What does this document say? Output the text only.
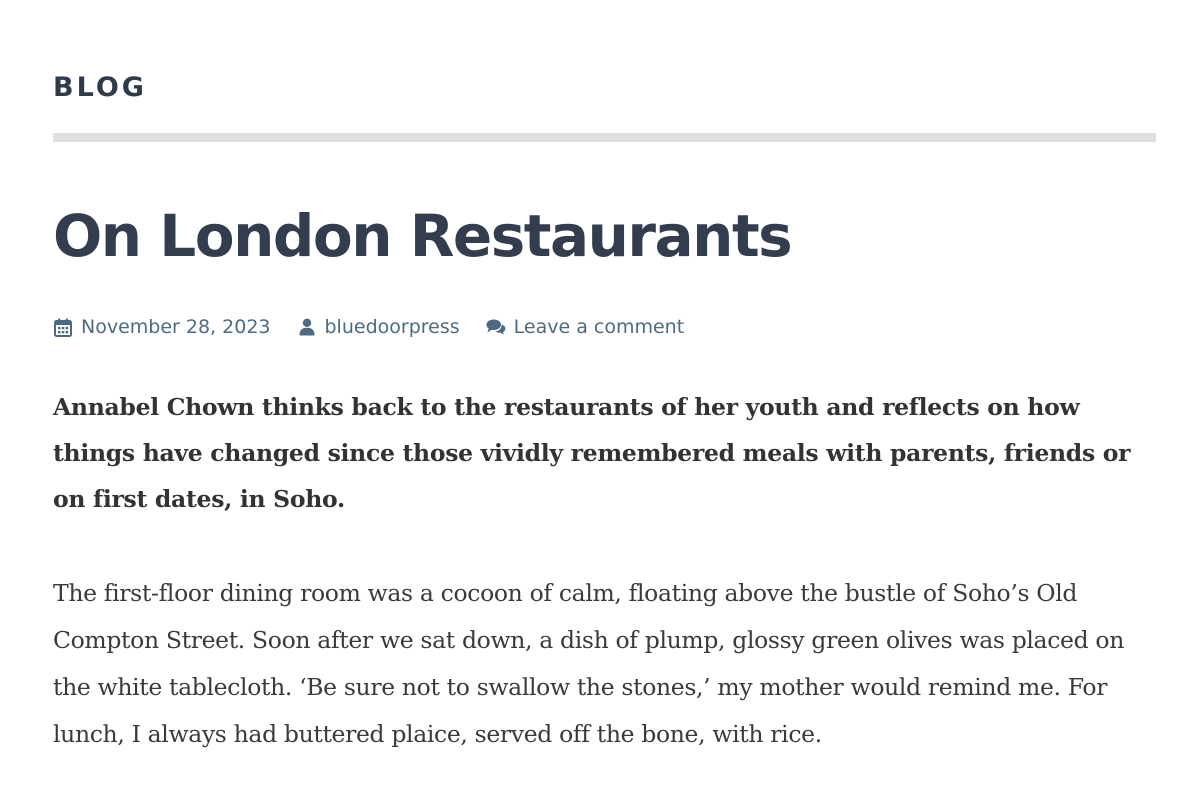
BLOG
On London Restaurants
November 28, 2023	bluedoorpress	Leave a comment

Annabel Chown thinks back to the restaurants of her youth and reflects on how things have changed since those vividly remembered meals with parents, friends or on first dates, in Soho.

The first-floor dining room was a cocoon of calm, floating above the bustle of Soho’s Old Compton Street. Soon after we sat down, a dish of plump, glossy green olives was placed on the white tablecloth. ‘Be sure not to swallow the stones,’ my mother would remind me. For lunch, I always had buttered plaice, served off the bone, with rice.
